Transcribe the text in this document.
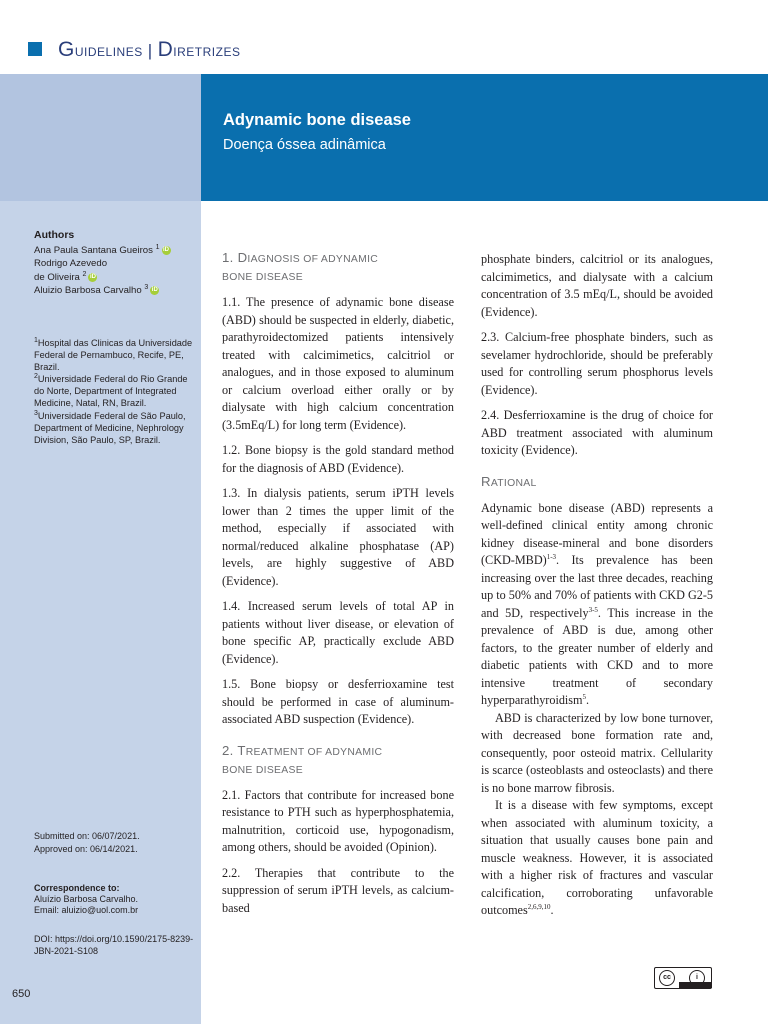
Guidelines | Diretrizes
Adynamic bone disease
Doença óssea adinâmica
Authors
Ana Paula Santana Gueiros $^1$ iD
Rodrigo Azevedo
de Oliveira $^2$ iD
Aluizio Barbosa Carvalho $^3$ iD

$^1$Hospital das Clinicas da Universidade Federal de Pernambuco, Recife, PE, Brazil.

$^2$Universidade Federal do Rio Grande do Norte, Department of Integrated Medicine, Natal, RN, Brazil.

$^3$Universidade Federal de São Paulo, Department of Medicine, Nephrology Division, São Paulo, SP, Brazil.

Submitted on: 06/07/2021.
Approved on: 06/14/2021.
Correspondence to:
Aluízio Barbosa Carvalho.
Email: aluizio@uol.com.br
DOI: https://doi.org/10.1590/2175-8239-JBN-2021-S108
650
1. DIAGNOSIS OF ADYNAMIC
BONE DISEASE

1.1. The presence of adynamic bone disease (ABD) should be suspected in elderly, diabetic, parathyroidectomized patients intensively treated with calcimimetics, calcitriol or analogues, and in those exposed to aluminum or calcium overload either orally or by dialysate with high calcium concentration (3.5mEq/L) for long term (Evidence).

1.2. Bone biopsy is the gold standard method for the diagnosis of ABD (Evidence).

1.3. In dialysis patients, serum iPTH levels lower than 2 times the upper limit of the method, especially if associated with normal/reduced alkaline phosphatase (AP) levels, are highly suggestive of ABD (Evidence).

1.4. Increased serum levels of total AP in patients without liver disease, or elevation of bone specific AP, practically exclude ABD (Evidence).

1.5. Bone biopsy or desferrioxamine test should be performed in case of aluminum-associated ABD suspection (Evidence).

2. TREATMENT OF ADYNAMIC
BONE DISEASE

2.1. Factors that contribute for increased bone resistance to PTH such as hyperphosphatemia, malnutrition, corticoid use, hypogonadism, among others, should be avoided (Opinion).

2.2. Therapies that contribute to the suppression of serum iPTH levels, as calcium-based

phosphate binders, calcitriol or its analogues, calcimimetics, and dialysate with a calcium concentration of 3.5 mEq/L, should be avoided (Evidence).

2.3. Calcium-free phosphate binders, such as sevelamer hydrochloride, should be preferably used for controlling serum phosphorus levels (Evidence).

2.4. Desferrioxamine is the drug of choice for ABD treatment associated with aluminum toxicity (Evidence).

RATIONAL

Adynamic bone disease (ABD) represents a well-defined clinical entity among chronic kidney disease-mineral and bone disorders $(CKD-MBD)^{1-3}$. Its prevalence has been increasing over the last three decades, reaching up to 50% and 70% of patients with CKD G2-5 and 5D, respectively$^{3-5}$. This increase in the prevalence of ABD is due, among other factors, to the greater number of elderly and diabetic patients with CKD and to more intensive treatment of secondary hyperparathyroidism$^5$.

ABD is characterized by low bone turnover, with decreased bone formation rate and, consequently, poor osteoid matrix. Cellularity is scarce (osteoblasts and osteoclasts) and there is no bone marrow fibrosis.

It is a disease with few symptoms, except when associated with aluminum toxicity, a situation that usually causes bone pain and muscle weakness. However, it is associated with a higher risk of fractures and vascular calcification, corroborating unfavorable outcomes$^{2,6,9,10}$.

cc	i
